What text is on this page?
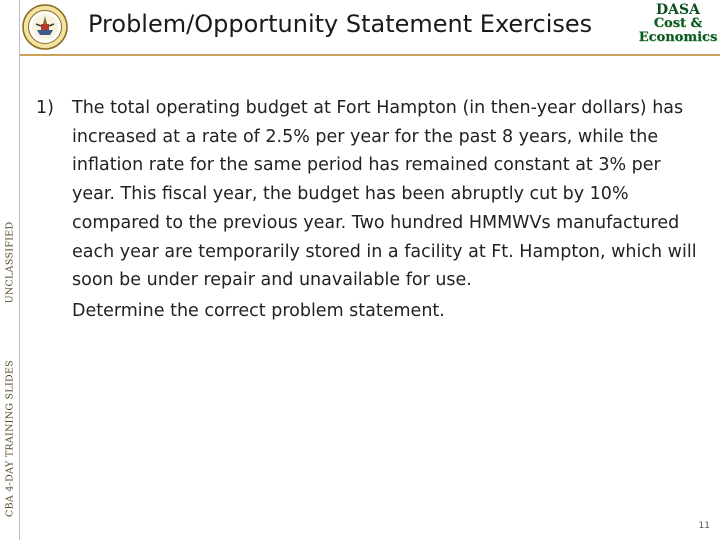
UNCLASSIFIED
CBA 4-DAY TRAINING SLIDES
Problem/Opportunity Statement Exercises	DASA
Cost &
Economics
1) The total operating budget at Fort Hampton (in then-year dollars) has increased at a rate of 2.5% per year for the past 8 years, while the inflation rate for the same period has remained constant at 3% per year. This fiscal year, the budget has been abruptly cut by 10% compared to the previous year. Two hundred HMMWVs manufactured each year are temporarily stored in a facility at Ft. Hampton, which will soon be under repair and unavailable for use.
Determine the correct problem statement.
11
